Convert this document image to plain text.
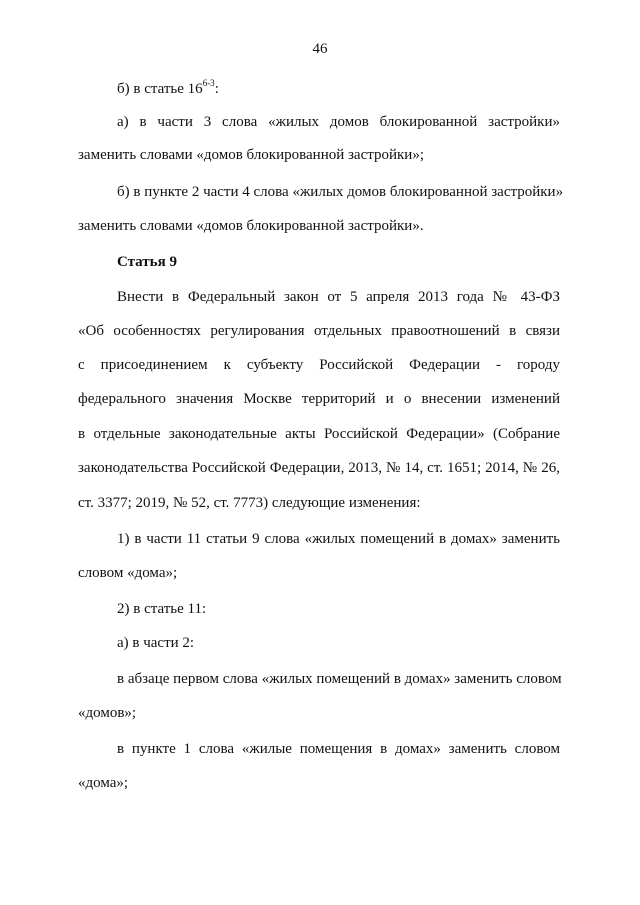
46
б) в статье 16$^{6-3}$:
а) в части 3 слова «жилых домов блокированной застройки»
заменить словами «домов блокированной застройки»;
б) в пункте 2 части 4 слова «жилых домов блокированной застройки»
заменить словами «домов блокированной застройки».
Статья 9
Внести в Федеральный закон от 5 апреля 2013 года № 43-ФЗ
«Об особенностях регулирования отдельных правоотношений в связи
с присоединением к субъекту Российской Федерации - городу
федерального значения Москве территорий и о внесении изменений
в отдельные законодательные акты Российской Федерации» (Собрание
законодательства Российской Федерации, 2013, № 14, ст. 1651; 2014, № 26,
ст. 3377; 2019, № 52, ст. 7773) следующие изменения:
1) в части 11 статьи 9 слова «жилых помещений в домах» заменить
словом «дома»;
2) в статье 11:
а) в части 2:
в абзаце первом слова «жилых помещений в домах» заменить словом
«домов»;
в пункте 1 слова «жилые помещения в домах» заменить словом
«дома»;
